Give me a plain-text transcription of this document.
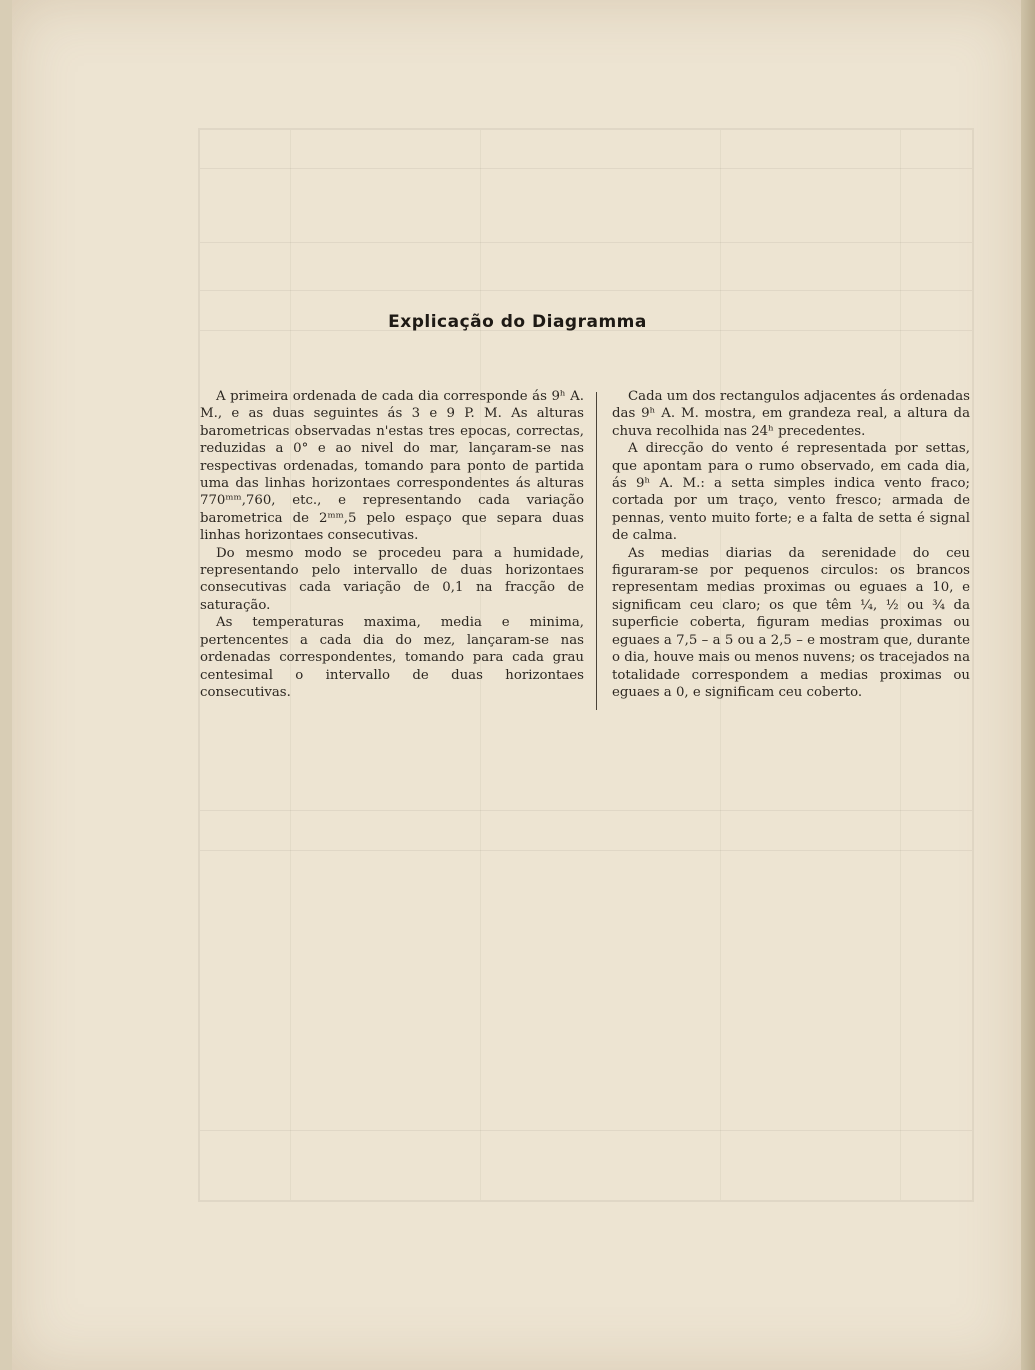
Explicação do Diagramma

A primeira ordenada de cada dia corresponde ás 9ʰ A. M., e as duas seguintes ás 3 e 9 P. M. As alturas barometricas observadas n'estas tres epocas, correctas, reduzidas a 0° e ao nivel do mar, lançaram-se nas respectivas ordenadas, tomando para ponto de partida uma das linhas horizontaes correspondentes ás alturas 770ᵐᵐ,760, etc., e representando cada variação barometrica de 2ᵐᵐ,5 pelo espaço que separa duas linhas horizontaes consecutivas.

Do mesmo modo se procedeu para a humidade, representando pelo intervallo de duas horizontaes consecutivas cada variação de 0,1 na fracção de saturação.

As temperaturas maxima, media e minima, pertencentes a cada dia do mez, lançaram-se nas ordenadas correspondentes, tomando para cada grau centesimal o intervallo de duas horizontaes consecutivas.

Cada um dos rectangulos adjacentes ás ordenadas das 9ʰ A. M. mostra, em grandeza real, a altura da chuva recolhida nas 24ʰ precedentes.

A direcção do vento é representada por settas, que apontam para o rumo observado, em cada dia, ás 9ʰ A. M.: a setta simples indica vento fraco; cortada por um traço, vento fresco; armada de pennas, vento muito forte; e a falta de setta é signal de calma.

As medias diarias da serenidade do ceu figuraram-se por pequenos circulos: os brancos representam medias proximas ou eguaes a 10, e significam ceu claro; os que têm ¼, ½ ou ¾ da superficie coberta, figuram medias proximas ou eguaes a 7,5 – a 5 ou a 2,5 – e mostram que, durante o dia, houve mais ou menos nuvens; os tracejados na totalidade correspondem a medias proximas ou eguaes a 0, e significam ceu coberto.
